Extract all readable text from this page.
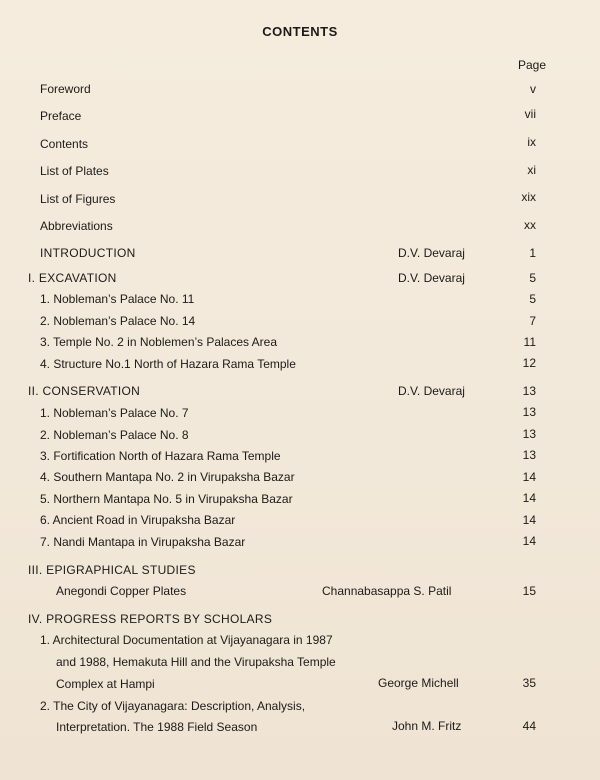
CONTENTS
Page
Foreword	v
Preface	vii
Contents	ix
List of Plates	xi
List of Figures	xix
Abbreviations	xx
INTRODUCTION	D.V. Devaraj	1
I. EXCAVATION	D.V. Devaraj	5
1. Nobleman’s Palace No. 11	5
2. Nobleman’s Palace No. 14	7
3. Temple No. 2 in Noblemen’s Palaces Area	11
4. Structure No.1 North of Hazara Rama Temple	12
II. CONSERVATION	D.V. Devaraj	13
1. Nobleman’s Palace No. 7	13
2. Nobleman’s Palace No. 8	13
3. Fortification North of Hazara Rama Temple	13
4. Southern Mantapa No. 2 in Virupaksha Bazar	14
5. Northern Mantapa No. 5 in Virupaksha Bazar	14
6. Ancient Road in Virupaksha Bazar	14
7. Nandi Mantapa in Virupaksha Bazar	14
III. EPIGRAPHICAL STUDIES
Anegondi Copper Plates	Channabasappa S. Patil	15
IV. PROGRESS REPORTS BY SCHOLARS
1. Architectural Documentation at Vijayanagara in 1987
and 1988, Hemakuta Hill and the Virupaksha Temple
Complex at Hampi	George Michell	35
2. The City of Vijayanagara: Description, Analysis,
Interpretation. The 1988 Field Season	John M. Fritz	44
